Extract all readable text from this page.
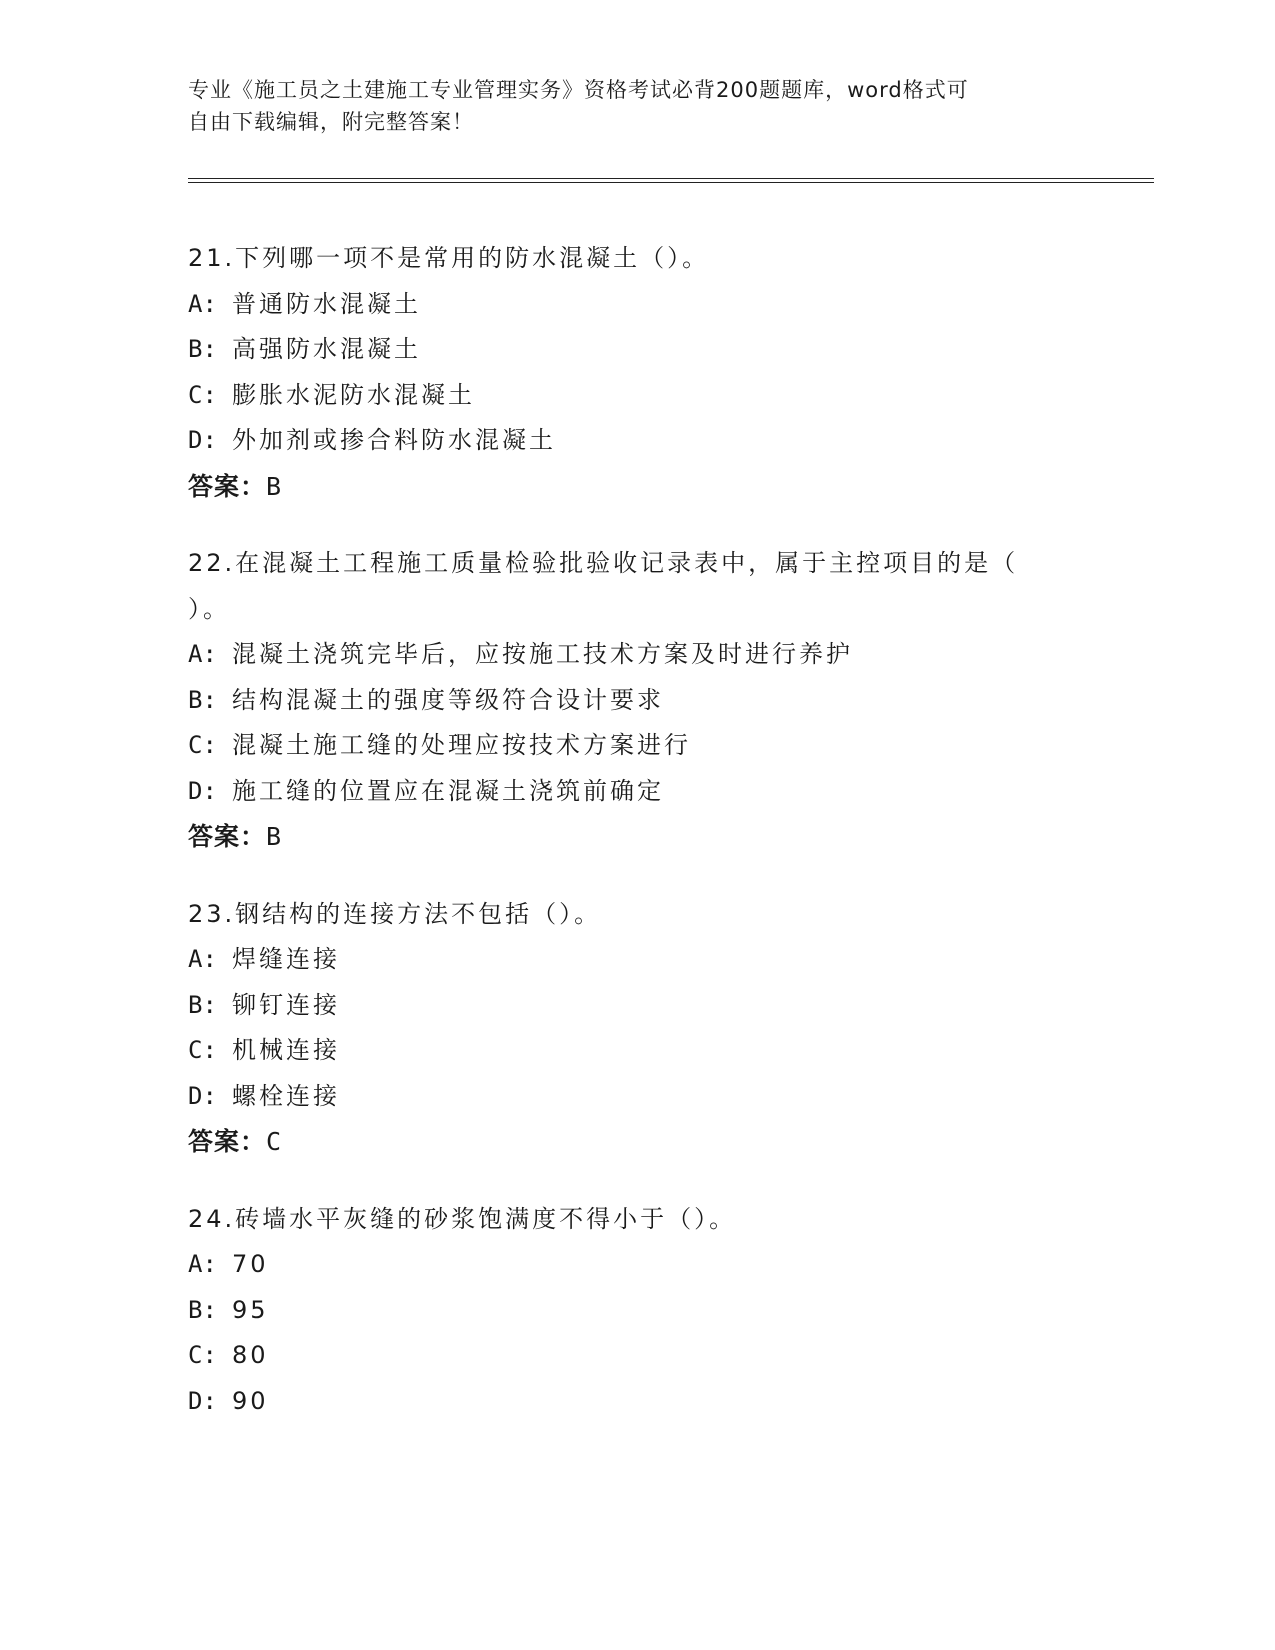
专业《施工员之土建施工专业管理实务》资格考试必背200题题库，word格式可
自由下载编辑，附完整答案！
21.下列哪一项不是常用的防水混凝土（）。
A: 普通防水混凝土
B: 高强防水混凝土
C: 膨胀水泥防水混凝土
D: 外加剂或掺合料防水混凝土
答案：B
22.在混凝土工程施工质量检验批验收记录表中，属于主控项目的是（
）。
A: 混凝土浇筑完毕后，应按施工技术方案及时进行养护
B: 结构混凝土的强度等级符合设计要求
C: 混凝土施工缝的处理应按技术方案进行
D: 施工缝的位置应在混凝土浇筑前确定
答案：B
23.钢结构的连接方法不包括（）。
A: 焊缝连接
B: 铆钉连接
C: 机械连接
D: 螺栓连接
答案：C
24.砖墙水平灰缝的砂浆饱满度不得小于（）。
A: 70
B: 95
C: 80
D: 90
